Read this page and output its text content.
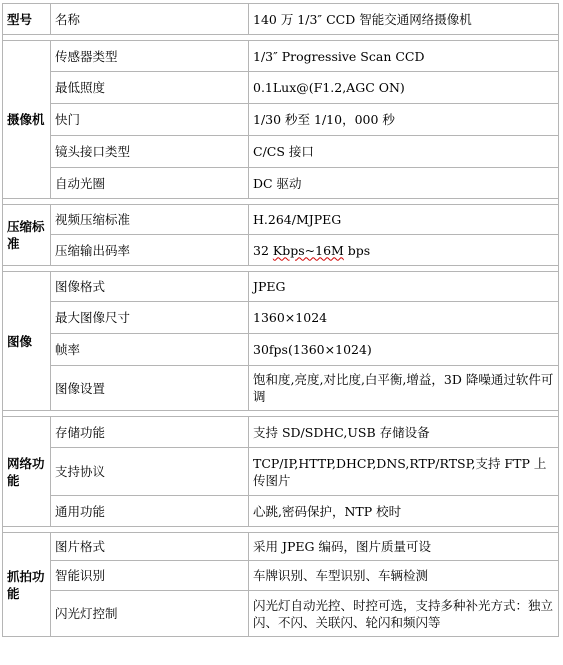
型号	名称	140 万 1/3″ CCD 智能交通网络摄像机

摄像机	传感器类型	1/3″ Progressive Scan CCD
	最低照度	0.1Lux@(F1.2,AGC ON)
	快门	1/30 秒至 1/10，000 秒
	镜头接口类型	C/CS 接口
	自动光圈	DC 驱动

压缩标准	视频压缩标准	H.264/MJPEG
	压缩输出码率	32 Kbps~16M bps

图像	图像格式	JPEG
	最大图像尺寸	1360×1024
	帧率	30fps(1360×1024)
	图像设置	饱和度,亮度,对比度,白平衡,增益，3D 降噪通过软件可调

网络功能	存储功能	支持 SD/SDHC,USB 存储设备
	支持协议	TCP/IP,HTTP,DHCP,DNS,RTP/RTSP,支持 FTP 上传图片
	通用功能	心跳,密码保护，NTP 校时

抓拍功能	图片格式	采用 JPEG 编码，图片质量可设
	智能识别	车牌识别、车型识别、车辆检测
	闪光灯控制	闪光灯自动光控、时控可选，支持多种补光方式：独立闪、不闪、关联闪、轮闪和频闪等
